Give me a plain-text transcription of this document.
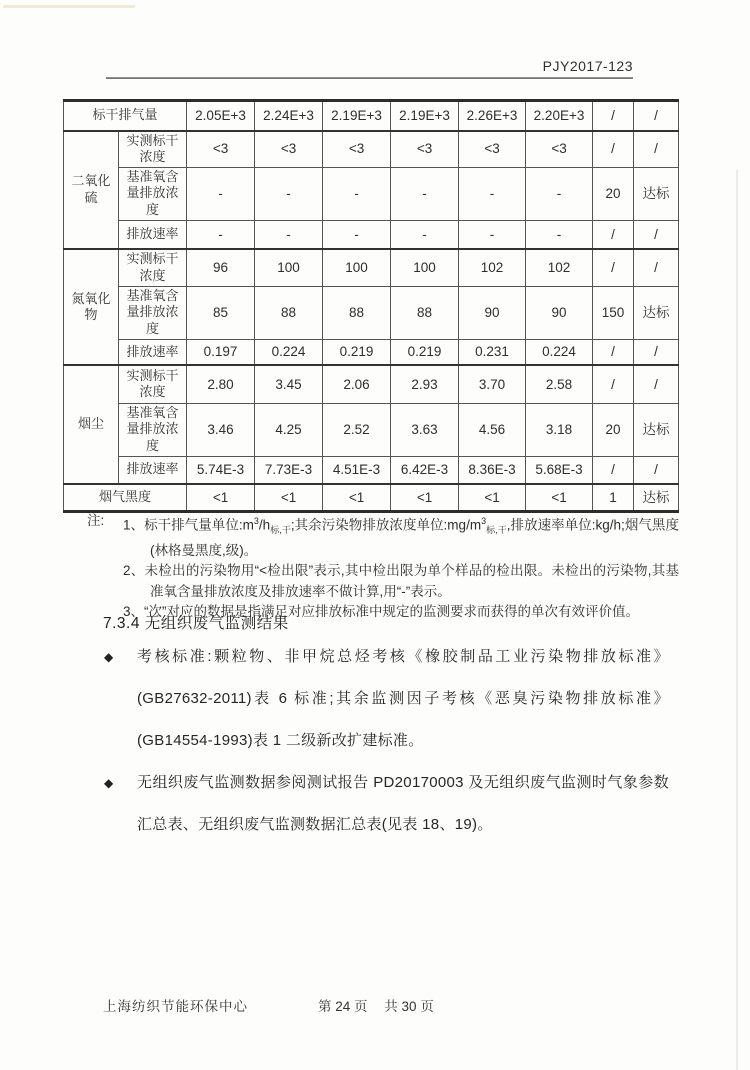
PJY2017-123
标干排气量		2.05E+3	2.24E+3	2.19E+3	2.19E+3	2.26E+3	2.20E+3	/	/
二氧化硫	实测标干浓度	<3	<3	<3	<3	<3	<3	/	/
	基准氧含量排放浓度	-	-	-	-	-	-	20	达标
	排放速率	-	-	-	-	-	-	/	/
氮氧化物	实测标干浓度	96	100	100	100	102	102	/	/
	基准氧含量排放浓度	85	88	88	88	90	90	150	达标
	排放速率	0.197	0.224	0.219	0.219	0.231	0.224	/	/
烟尘	实测标干浓度	2.80	3.45	2.06	2.93	3.70	2.58	/	/
	基准氧含量排放浓度	3.46	4.25	2.52	3.63	4.56	3.18	20	达标
	排放速率	5.74E-3	7.73E-3	4.51E-3	6.42E-3	8.36E-3	5.68E-3	/	/
烟气黑度		<1	<1	<1	<1	<1	<1	1	达标
注:	1、标干排气量单位$:m^3/h_{标,干}$;其余污染物排放浓度单位$:mg/m^3_{标,干}$,排放速率单位:kg/h;烟气黑度(林格曼黑度,级)。
2、未检出的污染物用“<检出限”表示,其中检出限为单个样品的检出限。未检出的污染物,其基准氧含量排放浓度及排放速率不做计算,用“-”表示。
3、“次”对应的数据是指满足对应排放标准中规定的监测要求而获得的单次有效评价值。
7.3.4 无组织废气监测结果
◆	考核标准:颗粒物、非甲烷总烃考核《橡胶制品工业污染物排放标准》(GB27632-2011)表 6 标准;其余监测因子考核《恶臭污染物排放标准》(GB14554-1993)表 1 二级新改扩建标准。
◆	无组织废气监测数据参阅测试报告 PD20170003 及无组织废气监测时气象参数汇总表、无组织废气监测数据汇总表(见表 18、19)。
上海纺织节能环保中心	第 24 页 共 30 页
